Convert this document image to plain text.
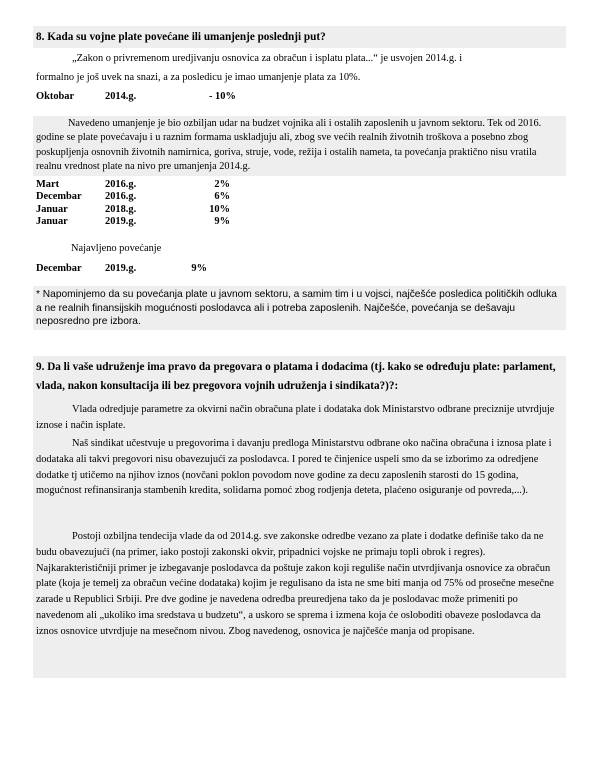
8. Kada su vojne plate povećane ili umanjenje poslednji put?

„Zakon o privremenom uredjivanju osnovica za obračun i isplatu plata...“ je usvojen 2014.g. i

formalno je još uvek na snazi, a za posledicu je imao umanjenje plata za 10%.

Oktobar	2014.g.	- 10%

Navedeno umanjenje je bio ozbiljan udar na budzet vojnika ali i ostalih zaposlenih u javnom sektoru. Tek od 2016. godine se plate povećavaju i u raznim formama uskladjuju ali, zbog sve većih realnih životnih troškova a posebno zbog poskupljenja osnovnih životnih namirnica, goriva, struje, vode, režija i ostalih nameta, ta povećanja praktično nisu vratila realnu vrednost plate na nivo pre umanjenja 2014.g.

Mart	2016.g.	2%
Decembar	2016.g.	6%
Januar	2018.g.	10%
Januar	2019.g.	9%

Najavljeno povećanje

Decembar	2019.g.	9%

* Napominjemo da su povećanja plate u javnom sektoru, a samim tim i u vojsci, najčešće posledica političkih odluka a ne realnih finansijskih mogućnosti poslodavca ali i potreba zaposlenih. Najčešće, povećanja se dešavaju neposredno pre izbora.

9. Da li vaše udruženje ima pravo da pregovara o platama i dodacima (tj. kako se određuju plate: parlament, vlada, nakon konsultacija ili bez pregovora vojnih udruženja i sindikata?)?:

Vlada odredjuje parametre za okvirni način obračuna plate i dodataka dok Ministarstvo odbrane preciznije utvrdjuje iznose i način isplate.

Naš sindikat učestvuje u pregovorima i davanju predloga Ministarstvu odbrane oko načina obračuna i iznosa plate i dodataka ali takvi pregovori nisu obavezujući za poslodavca. I pored te činjenice uspeli smo da se izborimo za odredjene dodatke tj utičemo na njihov iznos (novčani poklon povodom nove godine za decu zaposlenih starosti do 15 godina, mogućnost refinansiranja stambenih kredita, solidarna pomoć zbog rodjenja deteta, plaćeno osiguranje od povreda,...).

Postoji ozbiljna tendecija vlade da od 2014.g. sve zakonske odredbe vezano za plate i dodatke definiše tako da ne budu obavezujući (na primer, iako postoji zakonski okvir, pripadnici vojske ne primaju topli obrok i regres). Najkarakterističniji primer je izbegavanje poslodavca da poštuje zakon koji reguliše način utvrdjivanja osnovice za obračun plate (koja je temelj za obračun većine dodataka) kojim je regulisano da ista ne sme biti manja od 75% od prosečne mesečne zarade u Republici Srbiji. Pre dve godine je navedena odredba preuredjena tako da je poslodavac može primeniti po navedenom ali „ukoliko ima sredstava u budzetu“, a uskoro se sprema i izmena koja će osloboditi obaveze poslodavca da iznos osnovice utvrdjuje na mesečnom nivou. Zbog navedenog, osnovica je najčešće manja od propisane.
